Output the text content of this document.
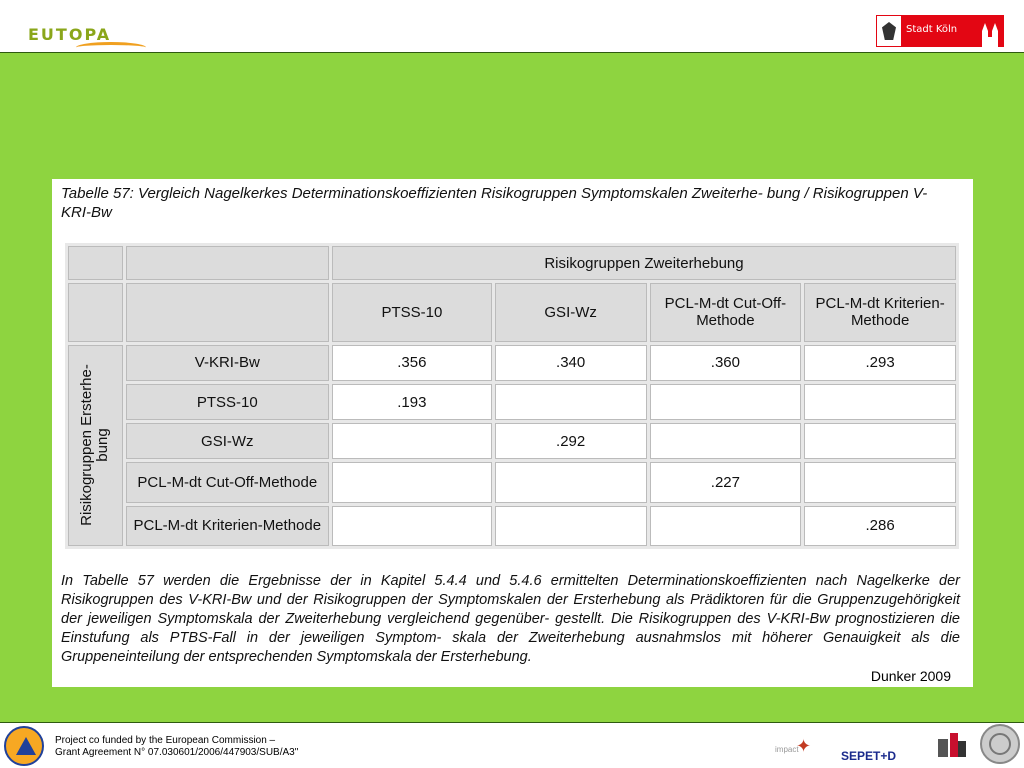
EUTOPA	Stadt Köln
Tabelle 57: Vergleich Nagelkerkes Determinationskoeffizienten Risikogruppen Symptomskalen Zweiterhe- bung / Risikogruppen V-KRI-Bw
		Risikogruppen Zweiterhebung			
		PTSS-10	GSI-Wz	PCL-M-dt Cut-Off- Methode	PCL-M-dt Kriterien- Methode

Risikogruppen Ersterhe-
bung	V-KRI-Bw	.356	.340	.360	.293
	PTSS-10	.193			
	GSI-Wz		.292		
	PCL-M-dt Cut-Off-Methode			.227	
	PCL-M-dt Kriterien-Methode				.286
In Tabelle 57 werden die Ergebnisse der in Kapitel 5.4.4 und 5.4.6 ermittelten Determinationskoeffizienten nach Nagelkerke der Risikogruppen des V-KRI-Bw und der Risikogruppen der Symptomskalen der Ersterhebung als Prädiktoren für die Gruppenzugehörigkeit der jeweiligen Symptomskala der Zweiterhebung vergleichend gegenüber- gestellt. Die Risikogruppen des V-KRI-Bw prognostizieren die Einstufung als PTBS-Fall in der jeweiligen Symptom- skala der Zweiterhebung ausnahmslos mit höherer Genauigkeit als die Gruppeneinteilung der entsprechenden Symptomskala der Ersterhebung.
Dunker 2009
Project co funded by the European Commission –
Grant Agreement N° 07.030601/2006/447903/SUB/A3"	impact
✦ SEPET+D
